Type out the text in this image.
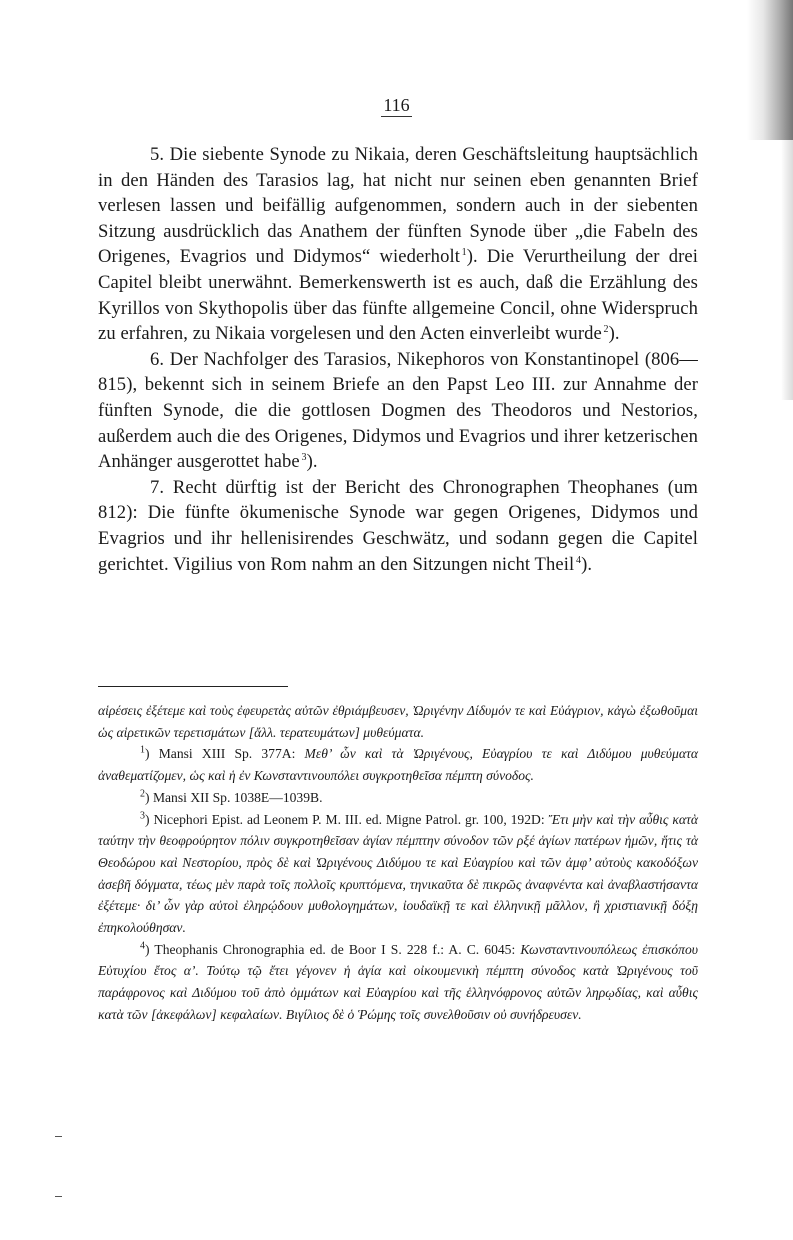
116

5. Die siebente Synode zu Nikaia, deren Geschäftsleitung hauptsächlich in den Händen des Tarasios lag, hat nicht nur seinen eben genannten Brief verlesen lassen und beifällig aufgenommen, sondern auch in der siebenten Sitzung ausdrücklich das Anathem der fünften Synode über „die Fabeln des Origenes, Evagrios und Didymos“ wiederholt  $^1$). Die Verurtheilung der drei Capitel bleibt unerwähnt. Bemerkenswerth ist es auch, daß die Erzählung des Kyrillos von Skythopolis über das fünfte allgemeine Concil, ohne Widerspruch zu erfahren, zu Nikaia vorgelesen und den Acten einverleibt wurde  $^2$).

6. Der Nachfolger des Tarasios, Nikephoros von Konstantinopel (806—815), bekennt sich in seinem Briefe an den Papst Leo III. zur Annahme der fünften Synode, die die gottlosen Dogmen des Theodoros und Nestorios, außerdem auch die des Origenes, Didymos und Evagrios und ihrer ketzerischen Anhänger ausgerottet habe  $^3$).

7. Recht dürftig ist der Bericht des Chronographen Theophanes (um 812): Die fünfte ökumenische Synode war gegen Origenes, Didymos und Evagrios und ihr hellenisirendes Geschwätz, und sodann gegen die Capitel gerichtet. Vigilius von Rom nahm an den Sitzungen nicht Theil  $^4$).

αἱρέσεις ἐξέτεμε καὶ τοὺς ἐφευρετὰς αὐτῶν ἐθριάμβευσεν, Ὠριγένην Δίδυμόν τε καὶ Εὐάγριον, κἀγὼ ἐξωθοῦμαι ὡς αἱρετικῶν τερετισμάτων [ἄλλ. τερατευμάτων] μυθεύματα.

$^1$) Mansi XIII Sp. 377A: Μεθ’ ὧν καὶ τὰ Ὠριγένους, Εὐαγρίου τε καὶ Διδύμου μυθεύματα ἀναθεματίζομεν, ὡς καὶ ἡ ἐν Κωνσταντινουπόλει συγκροτηθεῖσα πέμπτη σύνοδος.

$^2$) Mansi XII Sp. 1038E—1039B.

$^3$) Nicephori Epist. ad Leonem P. M. III. ed. Migne Patrol. gr. 100, 192D: Ἔτι μὴν καὶ τὴν αὖθις κατὰ ταύτην τὴν θεοφρούρητον πόλιν συγκροτηθεῖσαν ἁγίαν πέμπτην σύνοδον τῶν ρξέ ἁγίων πατέρων ἡμῶν, ἥτις τὰ Θεοδώρου καὶ Νεστορίου, πρὸς δὲ καὶ Ὠριγένους Διδύμου τε καὶ Εὐαγρίου καὶ τῶν ἀμφ’ αὐτοὺς κακοδόξων ἀσεβῆ δόγματα, τέως μὲν παρὰ τοῖς πολλοῖς κρυπτόμενα, τηνικαῦτα δὲ πικρῶς ἀναφνέντα καὶ ἀναβλαστήσαντα ἐξέτεμε· δι’ ὧν γὰρ αὐτοὶ ἐληρῴδουν μυθολογημάτων, ἰουδαϊκῇ τε καὶ ἑλληνικῇ μᾶλλον, ἢ χριστιανικῇ δόξῃ ἐπηκολούθησαν.

$^4$) Theophanis Chronographia ed. de Boor I S. 228 f.: A. C. 6045: Κωνσταντινουπόλεως ἐπισκόπου Εὐτυχίου ἔτος α’. Τούτῳ τῷ ἔτει γέγονεν ἡ ἁγία καὶ οἰκουμενικὴ πέμπτη σύνοδος κατὰ Ὠριγένους τοῦ παράφρονος καὶ Διδύμου τοῦ ἀπὸ ὀμμάτων καὶ Εὐαγρίου καὶ τῆς ἑλληνόφρονος αὐτῶν ληρῳδίας, καὶ αὖθις κατὰ τῶν [ἀκεφάλων] κεφαλαίων. Βιγίλιος δὲ ὁ Ῥώμης τοῖς συνελθοῦσιν οὐ συνήδρευσεν.
